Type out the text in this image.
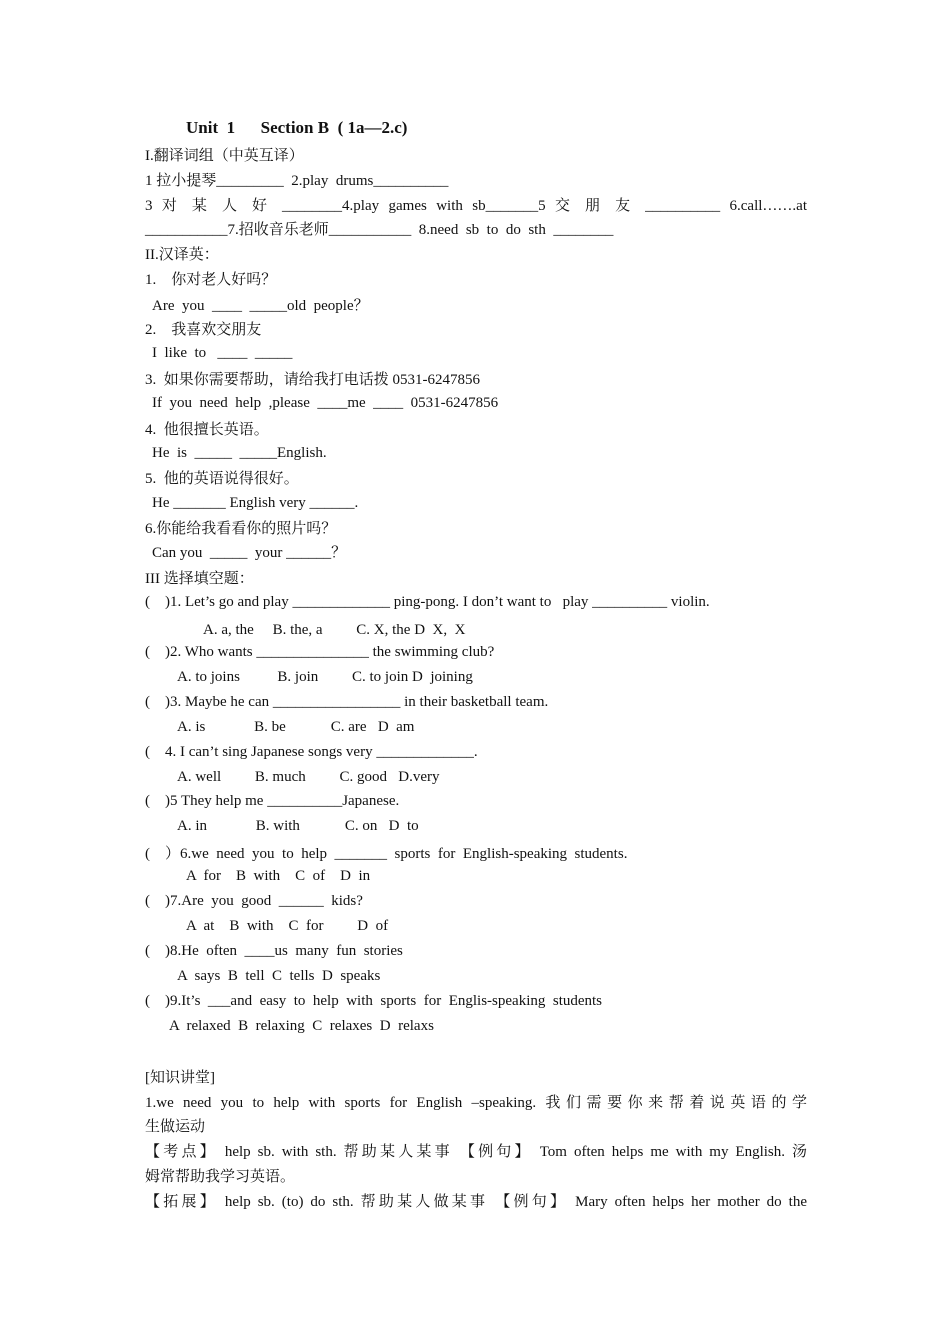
Unit  1      Section B  ( 1a—2.c)
I.翻译词组（中英互译）
1 拉小提琴_________  2.play  drums__________
3 对 某 人 好 ________4.play games with sb_______5 交 朋 友 __________ 6.call…….at
___________7.招收音乐老师___________  8.need  sb  to  do  sth  ________
II.汉译英：
1.    你对老人好吗？
Are  you  ____  _____old  people？
2.    我喜欢交朋友
I  like  to   ____  _____
3.  如果你需要帮助，请给我打电话拨 0531-6247856
If  you  need  help  ,please  ____me  ____  0531-6247856
4.  他很擅长英语。
He  is  _____  _____English.
5.  他的英语说得很好。
He _______ English very ______.
6.你能给我看看你的照片吗？
Can you  _____  your ______？
III 选择填空题：
(    )1. Let’s go and play _____________ ping-pong. I don’t want to   play __________ violin.
A. a, the     B. the, a         C. X, the D  X,  X
(    )2. Who wants _______________ the swimming club?
A. to joins          B. join         C. to join D  joining
(    )3. Maybe he can _________________ in their basketball team.
A. is             B. be            C. are   D  am
(    4. I can’t sing Japanese songs very _____________.
A. well         B. much         C. good   D.very
(    )5 They help me __________Japanese.
A. in             B. with            C. on   D  to
(    ）6.we  need  you  to  help  _______  sports  for  English-speaking  students.
A  for    B  with    C  of    D  in
(    )7.Are  you  good  ______  kids?
A  at    B  with    C  for         D  of
(    )8.He  often  ____us  many  fun  stories
A  says  B  tell  C  tells  D  speaks
(    )9.It’s  ___and  easy  to  help  with  sports  for  Englis-speaking  students
A  relaxed  B  relaxing  C  relaxes  D  relaxs
[知识讲堂]
1.we need you to help with sports for English –speaking. 我们需要你来帮着说英语的学
生做运动
【考点】 help sb. with sth. 帮助某人某事 【例句】 Tom often helps me with my English. 汤
姆常帮助我学习英语。
【拓展】 help sb. (to) do sth. 帮助某人做某事 【例句】 Mary often helps her mother do the
